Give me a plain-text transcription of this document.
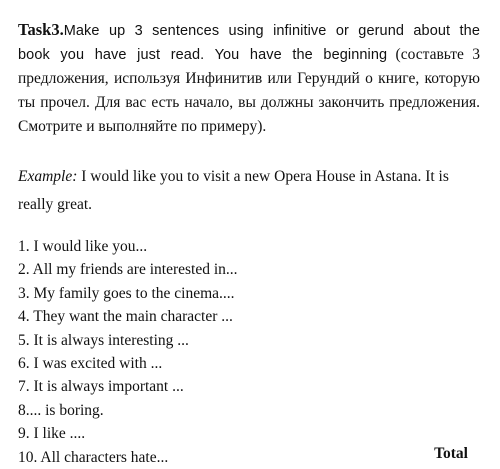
Task3.Make up 3 sentences using infinitive or gerund about the book you have just read. You have the beginning (составьте 3 предложения, используя Инфинитив или Герундий о книге, которую ты прочел. Для вас есть начало, вы должны закончить предложения. Смотрите и выполняйте по примеру).

Example: I would like you to visit a new Opera House in Astana. It is really great.

1. I would like you...
2. All my friends are interested in...
3. My family goes to the cinema....
4. They want the main character ...
5. It is always interesting ...
6. I was excited with ...
7. It is always important ...
8.... is boring.
9. I like ....
10. All characters hate...	Total
